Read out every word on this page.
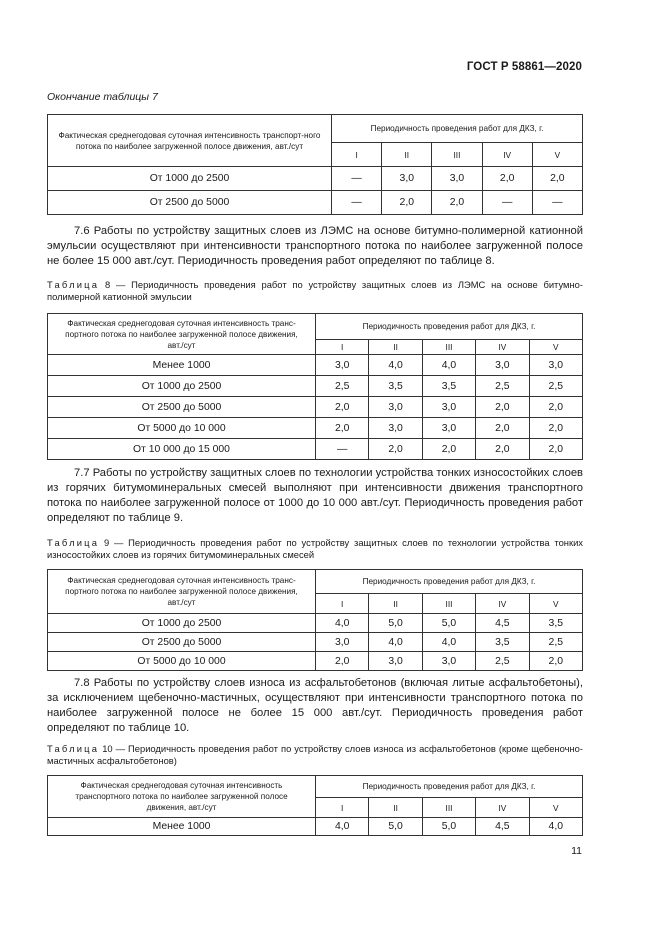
ГОСТ Р 58861—2020
Окончание таблицы 7
Фактическая среднегодовая суточная интенсивность транспорт-ного потока по наиболее загруженной полосе движения, авт./сут	Периодичность проведения работ для ДКЗ, г.				
	I	II	III	IV	V
От 1000 до 2500	—	3,0	3,0	2,0	2,0
От 2500 до 5000	—	2,0	2,0	—	—
7.6 Работы по устройству защитных слоев из ЛЭМС на основе битумно-полимерной катионной эмульсии осуществляют при интенсивности транспортного потока по наиболее загруженной полосе не более 15 000 авт./сут. Периодичность проведения работ определяют по таблице 8.
Таблица 8 — Периодичность проведения работ по устройству защитных слоев из ЛЭМС на основе битумно-полимерной катионной эмульсии
Фактическая среднегодовая суточная интенсивность транс-портного потока по наиболее загруженной полосе движения, авт./сут	Периодичность проведения работ для ДКЗ, г.				
	I	II	III	IV	V
Менее 1000	3,0	4,0	4,0	3,0	3,0
От 1000 до 2500	2,5	3,5	3,5	2,5	2,5
От 2500 до 5000	2,0	3,0	3,0	2,0	2,0
От 5000 до 10 000	2,0	3,0	3,0	2,0	2,0
От 10 000 до 15 000	—	2,0	2,0	2,0	2,0
7.7 Работы по устройству защитных слоев по технологии устройства тонких износостойких слоев из горячих битумоминеральных смесей выполняют при интенсивности движения транспортного потока по наиболее загруженной полосе от 1000 до 10 000 авт./сут. Периодичность проведения работ определяют по таблице 9.
Таблица 9 — Периодичность проведения работ по устройству защитных слоев по технологии устройства тонких износостойких слоев из горячих битумоминеральных смесей
Фактическая среднегодовая суточная интенсивность транс-портного потока по наиболее загруженной полосе движения, авт./сут	Периодичность проведения работ для ДКЗ, г.				
	I	II	III	IV	V
От 1000 до 2500	4,0	5,0	5,0	4,5	3,5
От 2500 до 5000	3,0	4,0	4,0	3,5	2,5
От 5000 до 10 000	2,0	3,0	3,0	2,5	2,0
7.8 Работы по устройству слоев износа из асфальтобетонов (включая литые асфальтобетоны), за исключением щебеночно-мастичных, осуществляют при интенсивности транспортного потока по наиболее загруженной полосе не более 15 000 авт./сут. Периодичность проведения работ определяют по таблице 10.
Таблица 10 — Периодичность проведения работ по устройству слоев износа из асфальтобетонов (кроме щебеночно-мастичных асфальтобетонов)
Фактическая среднегодовая суточная интенсивность транспортного потока по наиболее загруженной полосе движения, авт./сут	Периодичность проведения работ для ДКЗ, г.				
	I	II	III	IV	V
Менее 1000	4,0	5,0	5,0	4,5	4,0
11
